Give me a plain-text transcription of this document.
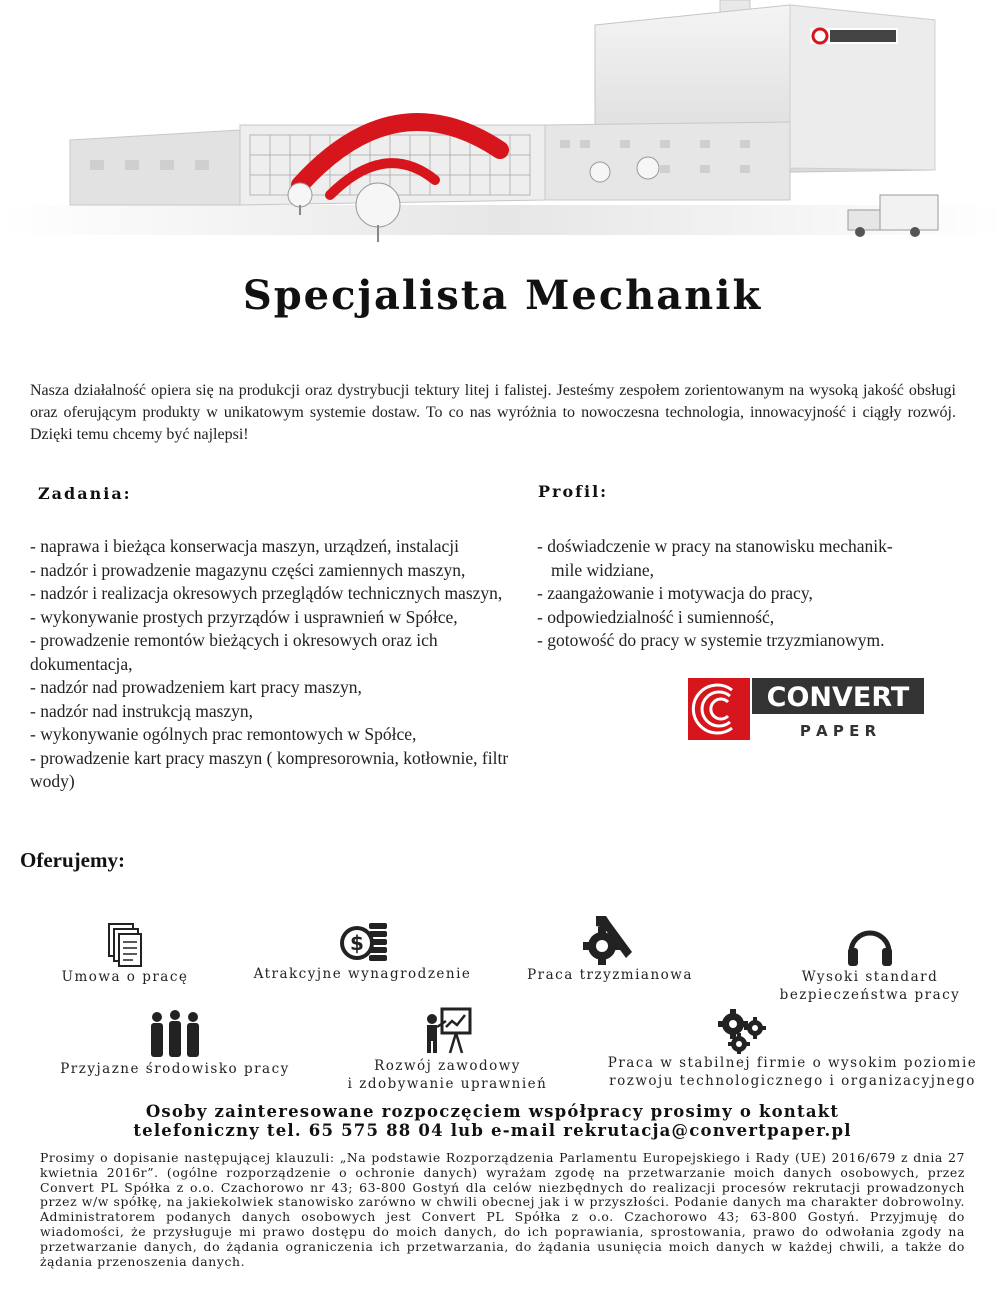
Specjalista Mechanik

Nasza działalność opiera się na produkcji oraz dystrybucji tektury litej i falistej. Jesteśmy zespołem zorientowanym na wysoką jakość obsługi oraz oferującym produkty w unikatowym systemie dostaw. To co nas wyróżnia to nowoczesna technologia, innowacyjność i ciągły rozwój. Dzięki temu chcemy być najlepsi!

Zadania:
- naprawa i bieżąca konserwacja maszyn, urządzeń, instalacji
- nadzór i prowadzenie magazynu części zamiennych maszyn,
- nadzór i realizacja okresowych przeglądów technicznych maszyn,
- wykonywanie prostych przyrządów i usprawnień w Spółce,
- prowadzenie remontów bieżących i okresowych oraz ich dokumentacja,
- nadzór nad prowadzeniem kart pracy maszyn,
- nadzór nad instrukcją maszyn,
- wykonywanie ogólnych prac remontowych w Spółce,
- prowadzenie kart pracy maszyn ( kompresorownia, kotłownie, filtr wody)
Profil:
- doświadczenie w pracy na stanowisku mechanik-
mile widziane,
- zaangażowanie i motywacja do pracy,
- odpowiedzialność i sumienność,
- gotowość do pracy w systemie trzyzmianowym.
CONVERT
P A P E R
Oferujemy:
Umowa o pracę
$
Atrakcyjne wynagrodzenie	Praca trzyzmianowa	Wysoki standard
bezpieczeństwa pracy
Przyjazne środowisko pracy	Rozwój zawodowy
i zdobywanie uprawnień
Praca w stabilnej firmie o wysokim poziomie
rozwoju technologicznego i organizacyjnego
Osoby zainteresowane rozpoczęciem współpracy prosimy o kontakt
telefoniczny tel. 65 575 88 04 lub e-mail rekrutacja@convertpaper.pl

Prosimy o dopisanie następującej klauzuli: „Na podstawie Rozporządzenia Parlamentu Europejskiego i Rady (UE) 2016/679 z dnia 27 kwietnia 2016r”. (ogólne rozporządzenie o ochronie danych) wyrażam zgodę na przetwarzanie moich danych osobowych, przez Convert PL Spółka z o.o. Czachorowo nr 43; 63-800 Gostyń dla celów niezbędnych do realizacji procesów rekrutacji prowadzonych przez w/w spółkę, na jakiekolwiek stanowisko zarówno w chwili obecnej jak i w przyszłości. Podanie danych ma charakter dobrowolny. Administratorem podanych danych osobowych jest Convert PL Spółka z o.o. Czachorowo 43; 63-800 Gostyń. Przyjmuję do wiadomości, że przysługuje mi prawo dostępu do moich danych, do ich poprawiania, sprostowania, prawo do odwołania zgody na przetwarzanie danych, do żądania ograniczenia ich przetwarzania, do żądania usunięcia moich danych w każdej chwili, a także do żądania przenoszenia danych.
